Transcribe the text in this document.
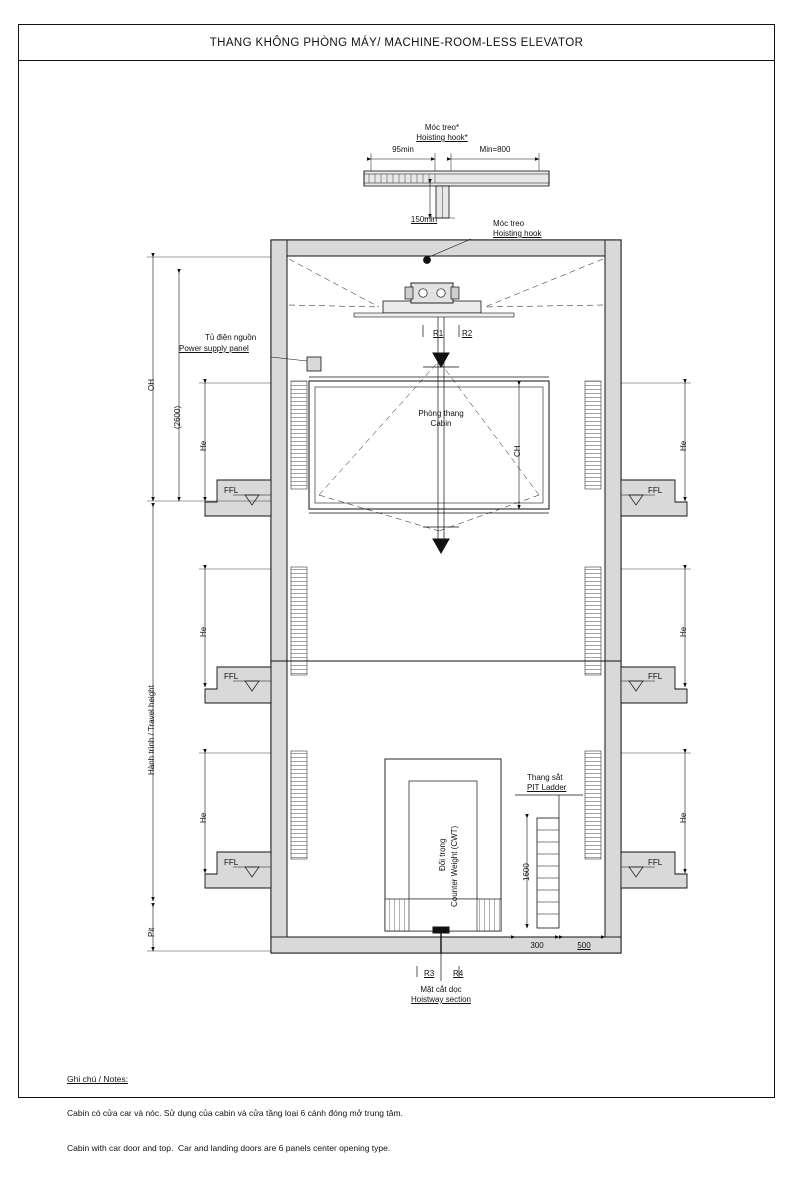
THANG KHÔNG PHÒNG MÁY/ MACHINE-ROOM-LESS ELEVATOR
Móc treo*
Hoisting hook*
95min	Min=800
150min	Móc treo
Hoisting hook
Tủ điện nguồn
Power supply panel
Phòng thang
Cabin
R1 R2
R3 R4
FFL
FFL
FFL
FFL
FFL
FFL
OH
(2600)
Hành trình / Travel height
Pit
He
He
He
He
He
He
CH
Đối trọng Counter Weight (CWT)
Thang sắt
PIT Ladder
1600
300	500
Mặt cắt dọc
Hoistway section

Ghi chú / Notes:

Cabin có cửa car và nóc. Sử dụng của cabin và cửa tầng loại 6 cánh đóng mở trung tâm.

Cabin with car door and top.  Car and landing doors are 6 panels center opening type.
